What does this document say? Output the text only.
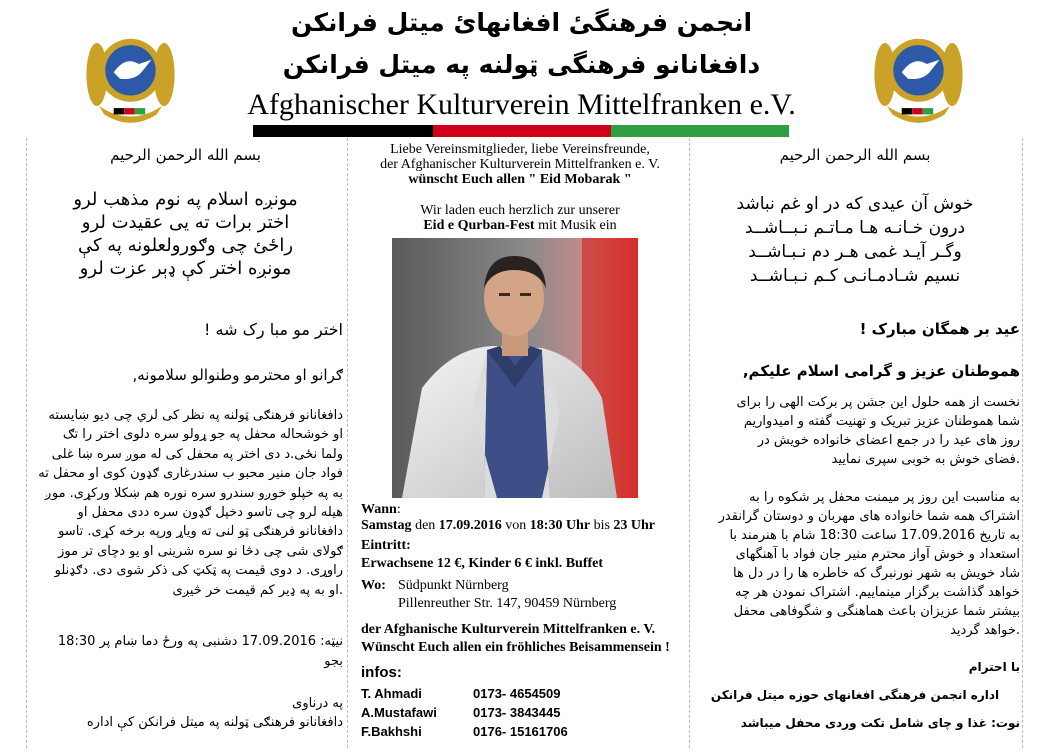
انجمن فرهنگیٔ افغانهایٔ میتل فرانکن
دافغانانو فرهنگی ټولنه په میتل فرانکن
Afghanischer Kulturverein Mittelfranken e.V.
بسم الله الرحمن الرحیم
مونږه اسلام په نوم مذهب لرو
اختر برات ته یی عقیدت لرو
راځئ چی وګورولعلونه په کې
مونږه اختر کې ډېر عزت لرو
اختر مو مبا رک شه !
ګرانو او محترمو وطنوالو سلامونه,
دافغانانو فرهنګی ټولنه په نظر کی لري چی دیو ښایسته
او خوشحاله محفل په جو ړولو سره دلوی اختر را تګ
ولما نځی.د دی اختر په محفل کی له موږ سره ښا غلی
فواد جان منیر محبو ب سندرغاری ګډون کوی او محفل ته
به په خپلو خوږو سندرو سره نوره هم ښکلا ورکړی. موږ
هیله لرو چی تاسو دخپل ګډون سره ددی محفل او
دافغانانو فرهنګی ټو لنی ته ویاړ ورپه برخه کړی. تاسو
ګولای شی چی دڅا نو سره شرینی او یو دچای تر موز
راوړی. د دوی قیمت په ټکټ کی ذکر شوی دی. دګډنلو
.او به په ډیر کم قیمت خر څیږی
نیټه: 17.09.2016 دشنبی په ورځ دما ښام پر 18:30
بجو
په درناوی
دافغانانو فرهنګی ټولنه په میتل فرانکن کې اداره
Liebe Vereinsmitglieder, liebe Vereinsfreunde,
der Afghanischer Kulturverein Mittelfranken e. V.
wünscht Euch allen " Eid Mobarak "
Wir laden euch herzlich zur unserer
Eid e Qurban-Fest mit Musik ein
Wann:
Samstag den 17.09.2016 von 18:30 Uhr bis 23 Uhr
Eintritt:
Erwachsene 12 €, Kinder 6 € inkl. Buffet
Wo: Südpunkt Nürnberg
Pillenreuther Str. 147, 90459 Nürnberg
der Afghanische Kulturverein Mittelfranken e. V.
Wünscht Euch allen ein fröhliches Beisammensein !
infos:
T. Ahmadi	0173- 4654509
A.Mustafawi	0173- 3843445
F.Bakhshi	0176- 15161706
بسم الله الرحمن الرحیم
خوش آن عیدی که در او غم نباشد
درون خـانـه هـا مـاتـم نـبــاشــد
وگـر آیـد غمی هـر دم نـبـاشــد
نسیم شـادمـانـی کـم نـبـاشــد
عید بر همگان مبارک !
هموطنان عزیز و گرامی اسلام علیکم,
نخست از همه حلول این جشن پر برکت الهی را برای
شما هموطنان عزیز تبریک و تهنیت گفته و امیدواریم
روز های عید را در جمع اعضای خانواده خویش در
.فضای خوش به خوبی سپری نمایید
به مناسبت این روز پر میمنت محفل پر شکوه را به
اشتراک همه شما خانواده های مهربان و دوستان گرانقدر
به تاریخ 17.09.2016 ساعت 18:30 شام با هنرمند با
استعداد و خوش آواز محترم منیر جان فواد با آهنگهای
شاد خویش به شهر نورنبرگ که خاطره ها را در دل ها
خواهد گذاشت برگزار مینماییم. اشتراک نمودن هر چه
بیشتر شما عزیزان باعث هماهنگی و شگوفاهی محفل
.خواهد گردید
با احترام
اداره انجمن فرهنگی افغانهای حوزه میتل فرانکن
نوت: غذا و چای شامل تکت وردی محفل میباشد
